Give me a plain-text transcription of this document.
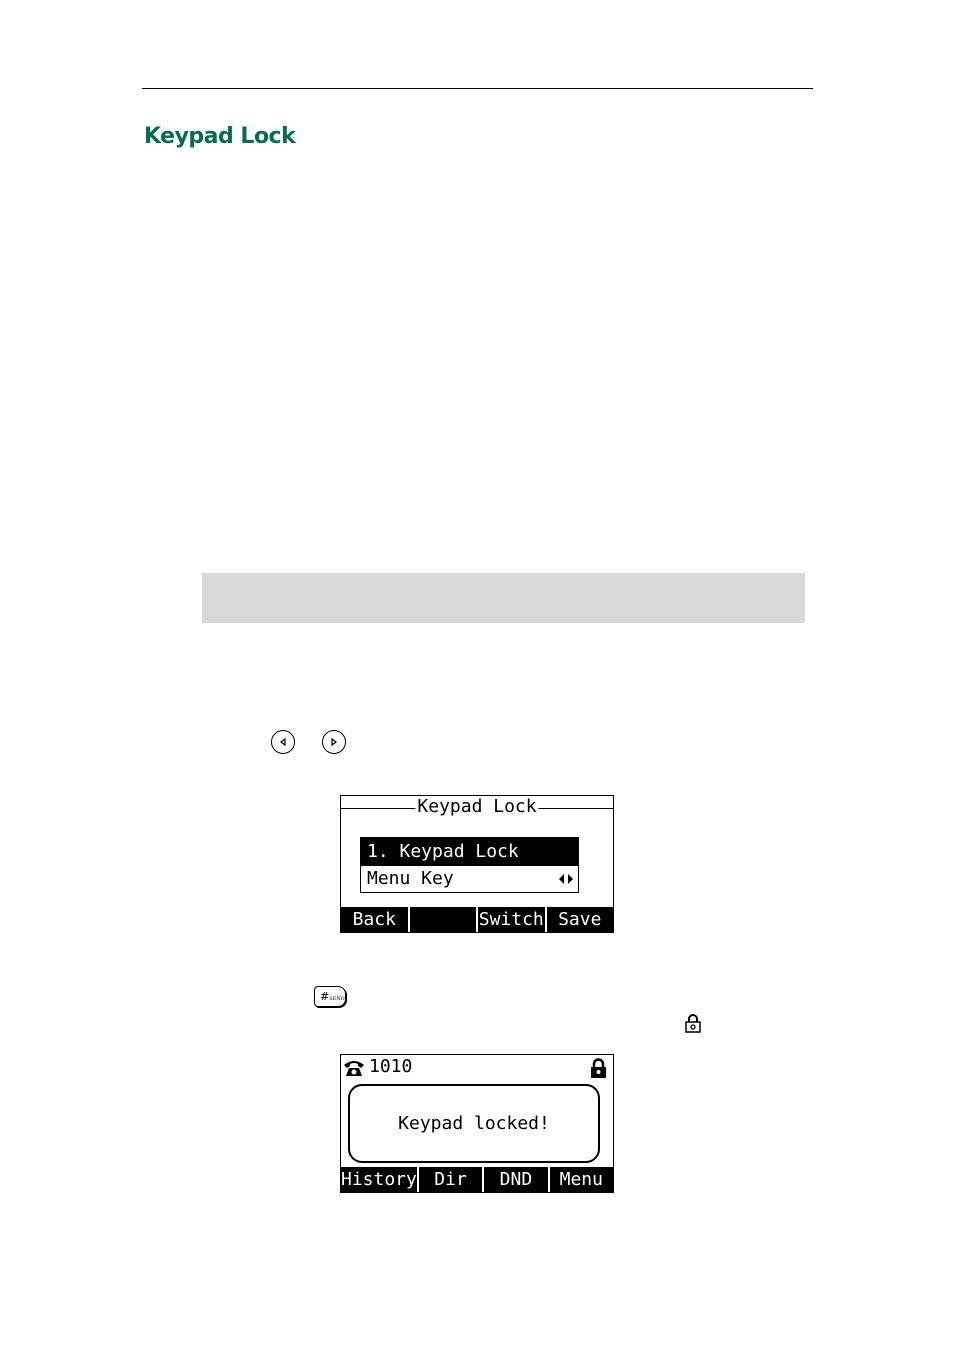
Keypad Lock
Keypad Lock
1. Keypad Lock
Menu Key
Back	Switch Save
#SEND
1010
Keypad locked!
History Dir	DND	Menu
